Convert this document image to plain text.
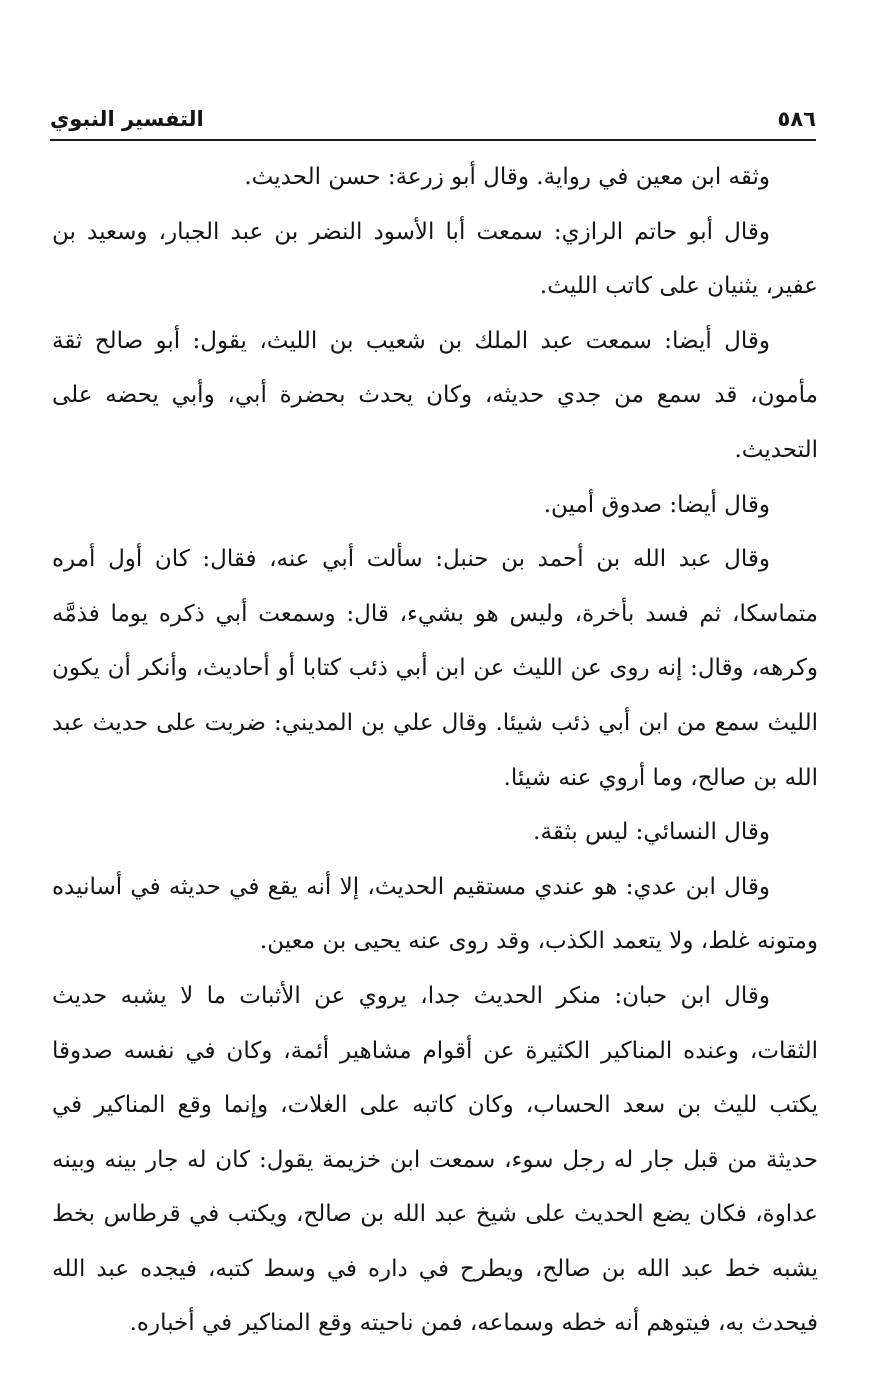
٥٨٦
التفسير النبوي

وثقه ابن معين في رواية. وقال أبو زرعة: حسن الحديث.

وقال أبو حاتم الرازي: سمعت أبا الأسود النضر بن عبد الجبار، وسعيد بن عفير، يثنيان على كاتب الليث.

وقال أيضا: سمعت عبد الملك بن شعيب بن الليث، يقول: أبو صالح ثقة مأمون، قد سمع من جدي حديثه، وكان يحدث بحضرة أبي، وأبي يحضه على التحديث.

وقال أيضا: صدوق أمين.

وقال عبد الله بن أحمد بن حنبل: سألت أبي عنه، فقال: كان أول أمره متماسكا، ثم فسد بأخرة، وليس هو بشيء، قال: وسمعت أبي ذكره يوما فذمَّه وكرهه، وقال: إنه روى عن الليث عن ابن أبي ذئب كتابا أو أحاديث، وأنكر أن يكون الليث سمع من ابن أبي ذئب شيئا. وقال علي بن المديني: ضربت على حديث عبد الله بن صالح، وما أروي عنه شيئا.

وقال النسائي: ليس بثقة.

وقال ابن عدي: هو عندي مستقيم الحديث، إلا أنه يقع في حديثه في أسانيده ومتونه غلط، ولا يتعمد الكذب، وقد روى عنه يحيى بن معين.

وقال ابن حبان: منكر الحديث جدا، يروي عن الأثبات ما لا يشبه حديث الثقات، وعنده المناكير الكثيرة عن أقوام مشاهير أئمة، وكان في نفسه صدوقا يكتب لليث بن سعد الحساب، وكان كاتبه على الغلات، وإنما وقع المناكير في حديثة من قبل جار له رجل سوء، سمعت ابن خزيمة يقول: كان له جار بينه وبينه عداوة، فكان يضع الحديث على شيخ عبد الله بن صالح، ويكتب في قرطاس بخط يشبه خط عبد الله بن صالح، ويطرح في داره في وسط كتبه، فيجده عبد الله فيحدث به، فيتوهم أنه خطه وسماعه، فمن ناحيته وقع المناكير في أخباره.
